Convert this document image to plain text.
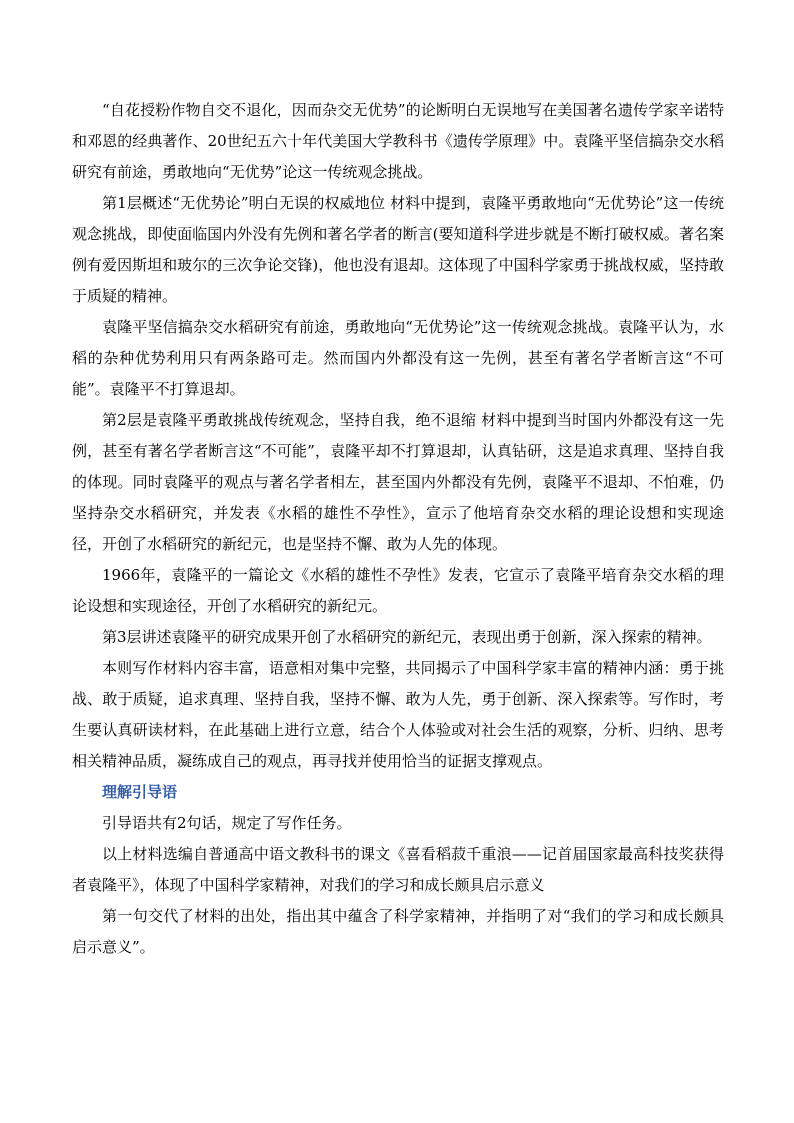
“自花授粉作物自交不退化，因而杂交无优势”的论断明白无误地写在美国著名遗传学家辛诺特和邓恩的经典著作、20世纪五六十年代美国大学教科书《遗传学原理》中。袁隆平坚信搞杂交水稻研究有前途，勇敢地向“无优势”论这一传统观念挑战。

第1层概述“无优势论”明白无误的权威地位 材料中提到，袁隆平勇敢地向“无优势论”这一传统观念挑战，即使面临国内外没有先例和著名学者的断言(要知道科学进步就是不断打破权威。著名案例有爱因斯坦和玻尔的三次争论交锋)，他也没有退却。这体现了中国科学家勇于挑战权威，坚持敢于质疑的精神。

袁隆平坚信搞杂交水稻研究有前途，勇敢地向“无优势论”这一传统观念挑战。袁隆平认为，水稻的杂种优势利用只有两条路可走。然而国内外都没有这一先例，甚至有著名学者断言这“不可能”。袁隆平不打算退却。

第2层是袁隆平勇敢挑战传统观念，坚持自我，绝不退缩 材料中提到当时国内外都没有这一先例，甚至有著名学者断言这“不可能”，袁隆平却不打算退却，认真钻研，这是追求真理、坚持自我的体现。同时袁隆平的观点与著名学者相左，甚至国内外都没有先例，袁隆平不退却、不怕难，仍坚持杂交水稻研究，并发表《水稻的雄性不孕性》，宣示了他培育杂交水稻的理论设想和实现途径，开创了水稻研究的新纪元，也是坚持不懈、敢为人先的体现。

1966年，袁隆平的一篇论文《水稻的雄性不孕性》发表，它宣示了袁隆平培育杂交水稻的理论设想和实现途径，开创了水稻研究的新纪元。

第3层讲述袁隆平的研究成果开创了水稻研究的新纪元，表现出勇于创新，深入探索的精神。

本则写作材料内容丰富，语意相对集中完整，共同揭示了中国科学家丰富的精神内涵：勇于挑战、敢于质疑，追求真理、坚持自我，坚持不懈、敢为人先，勇于创新、深入探索等。写作时，考生要认真研读材料，在此基础上进行立意，结合个人体验或对社会生活的观察，分析、归纳、思考相关精神品质，凝练成自己的观点，再寻找并使用恰当的证据支撑观点。

理解引导语

引导语共有2句话，规定了写作任务。

以上材料选编自普通高中语文教科书的课文《喜看稻菽千重浪——记首届国家最高科技奖获得者袁隆平》，体现了中国科学家精神，对我们的学习和成长颇具启示意义

第一句交代了材料的出处，指出其中蕴含了科学家精神，并指明了对“我们的学习和成长颇具启示意义”。
